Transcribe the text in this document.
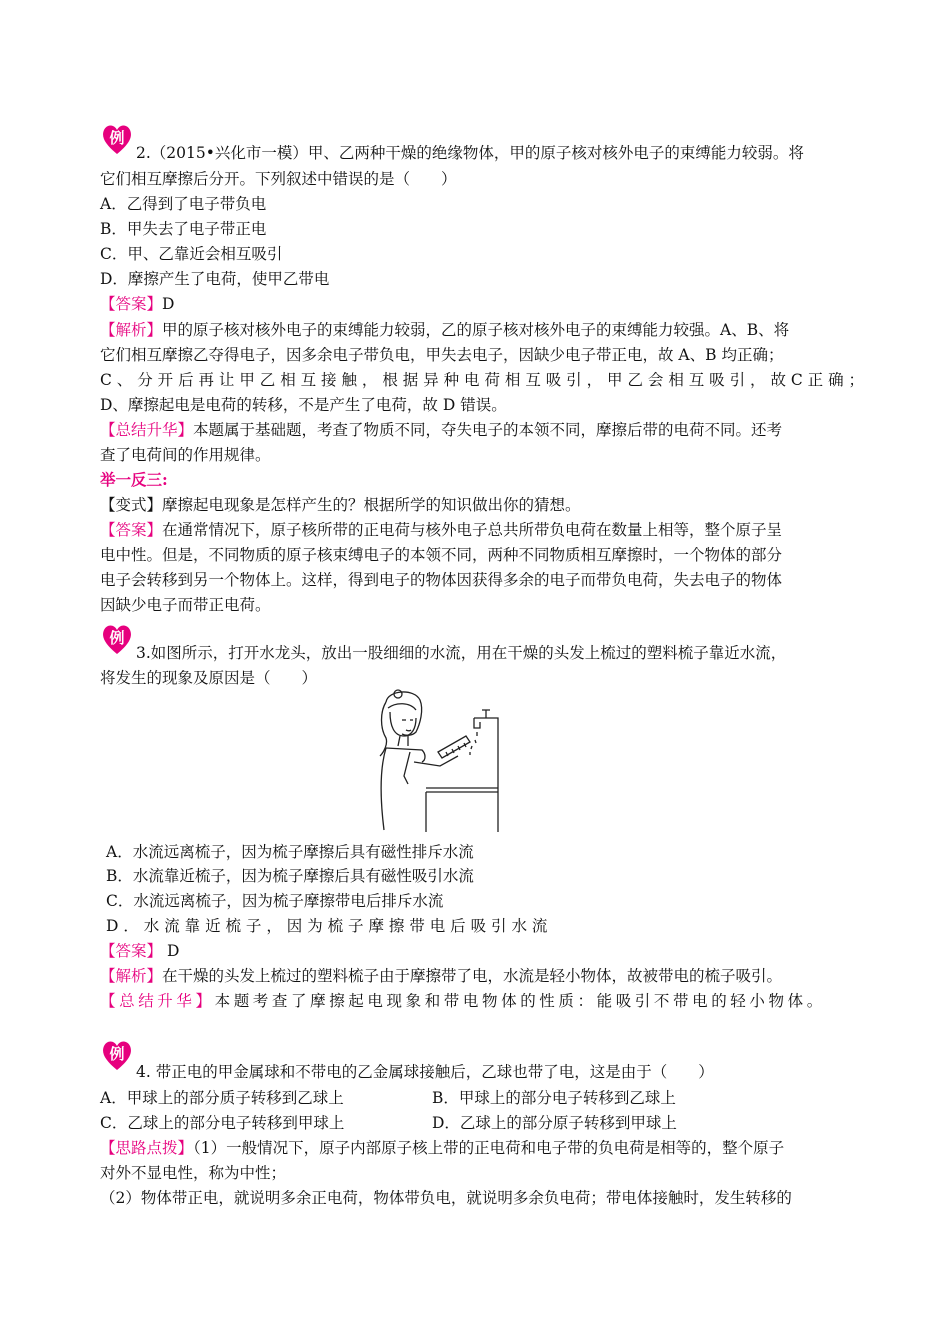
例
2.（2015•兴化市一模）甲、乙两种干燥的绝缘物体，甲的原子核对核外电子的束缚能力较弱。将
它们相互摩擦后分开。下列叙述中错误的是（　　）
A．乙得到了电子带负电
B．甲失去了电子带正电
C．甲、乙靠近会相互吸引
D．摩擦产生了电荷，使甲乙带电
【答案】D
【解析】甲的原子核对核外电子的束缚能力较弱，乙的原子核对核外电子的束缚能力较强。A、B、将
它们相互摩擦乙夺得电子，因多余电子带负电，甲失去电子，因缺少电子带正电，故 A、B 均正确；
C 、 分 开 后 再 让 甲 乙 相 互 接 触 ， 根 据 异 种 电 荷 相 互 吸 引 ， 甲 乙 会 相 互 吸 引 ， 故 C 正 确 ；
D、摩擦起电是电荷的转移，不是产生了电荷，故 D 错误。
【总结升华】本题属于基础题，考查了物质不同，夺失电子的本领不同，摩擦后带的电荷不同。还考
查了电荷间的作用规律。
举一反三:
【变式】摩擦起电现象是怎样产生的？根据所学的知识做出你的猜想。
【答案】在通常情况下，原子核所带的正电荷与核外电子总共所带负电荷在数量上相等，整个原子呈
电中性。但是，不同物质的原子核束缚电子的本领不同，两种不同物质相互摩擦时，一个物体的部分
电子会转移到另一个物体上。这样，得到电子的物体因获得多余的电子而带负电荷，失去电子的物体
因缺少电子而带正电荷。
例
3.如图所示，打开水龙头，放出一股细细的水流，用在干燥的头发上梳过的塑料梳子靠近水流，
将发生的现象及原因是（　　）
A．水流远离梳子，因为梳子摩擦后具有磁性排斥水流
B．水流靠近梳子，因为梳子摩擦后具有磁性吸引水流
C．水流远离梳子，因为梳子摩擦带电后排斥水流
D ． 水 流 靠 近 梳 子 ， 因 为 梳 子 摩 擦 带 电 后 吸 引 水 流
【答案】 D
【解析】在干燥的头发上梳过的塑料梳子由于摩擦带了电，水流是轻小物体，故被带电的梳子吸引。
【总结升华】本题考查了摩擦起电现象和带电物体的性质：能吸引不带电的轻小物体。
例
4. 带正电的甲金属球和不带电的乙金属球接触后，乙球也带了电，这是由于（　　）
A．甲球上的部分质子转移到乙球上	B．甲球上的部分电子转移到乙球上
C．乙球上的部分电子转移到甲球上	D．乙球上的部分原子转移到甲球上
【思路点拨】（1）一般情况下，原子内部原子核上带的正电荷和电子带的负电荷是相等的，整个原子
对外不显电性，称为中性；
（2）物体带正电，就说明多余正电荷，物体带负电，就说明多余负电荷；带电体接触时，发生转移的
